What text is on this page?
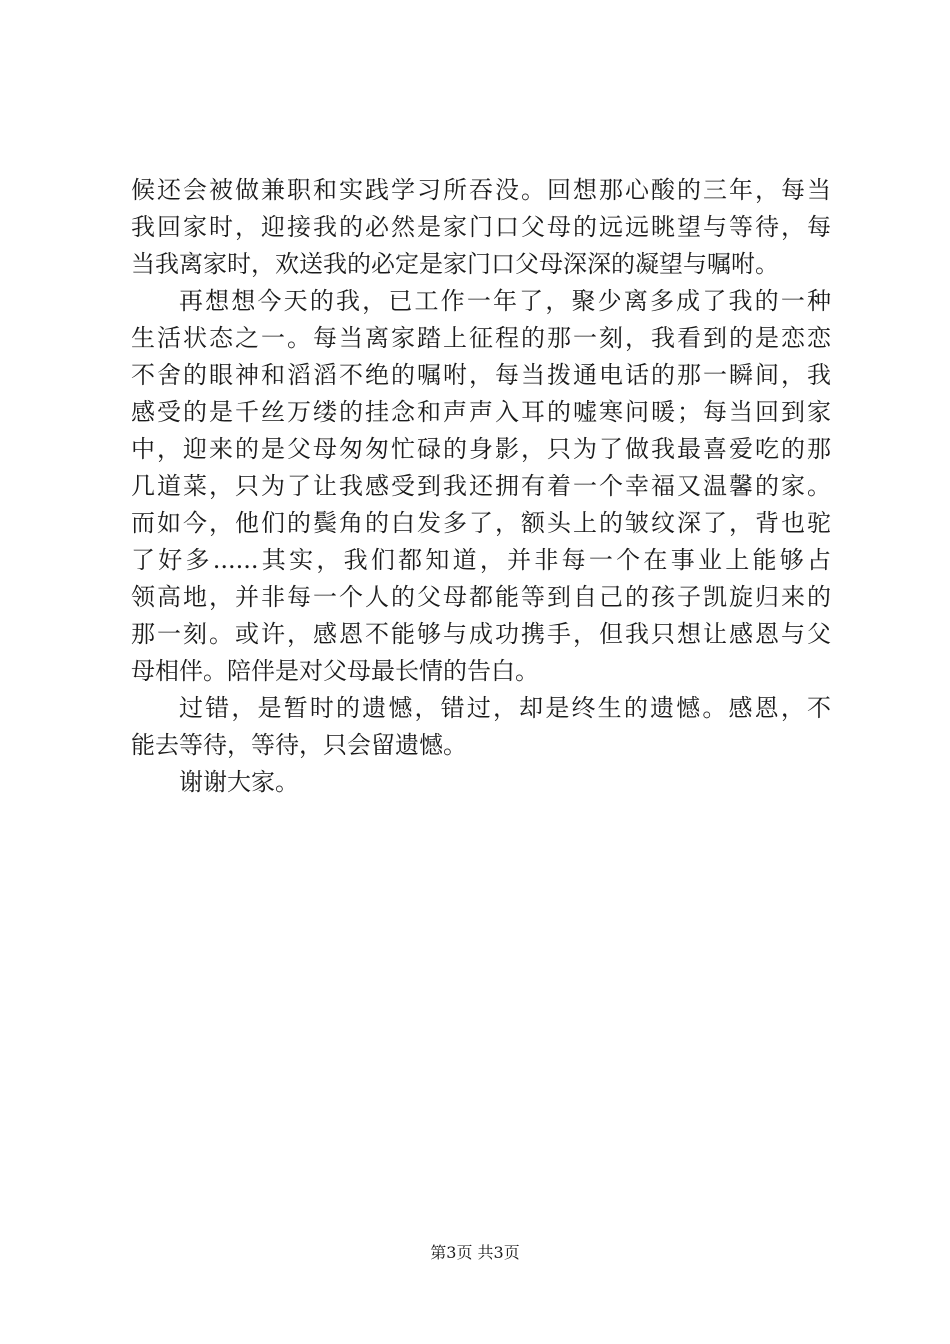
候还会被做兼职和实践学习所吞没。回想那心酸的三年，每当
我回家时，迎接我的必然是家门口父母的远远眺望与等待，每
当我离家时，欢送我的必定是家门口父母深深的凝望与嘱咐。
再想想今天的我，已工作一年了，聚少离多成了我的一种
生活状态之一。每当离家踏上征程的那一刻，我看到的是恋恋
不舍的眼神和滔滔不绝的嘱咐，每当拨通电话的那一瞬间，我
感受的是千丝万缕的挂念和声声入耳的嘘寒问暖；每当回到家
中，迎来的是父母匆匆忙碌的身影，只为了做我最喜爱吃的那
几道菜，只为了让我感受到我还拥有着一个幸福又温馨的家。
而如今，他们的鬓角的白发多了，额头上的皱纹深了，背也驼
了好多......其实，我们都知道，并非每一个在事业上能够占
领高地，并非每一个人的父母都能等到自己的孩子凯旋归来的
那一刻。或许，感恩不能够与成功携手，但我只想让感恩与父
母相伴。陪伴是对父母最长情的告白。
过错，是暂时的遗憾，错过，却是终生的遗憾。感恩，不
能去等待，等待，只会留遗憾。
谢谢大家。
第3页 共3页
